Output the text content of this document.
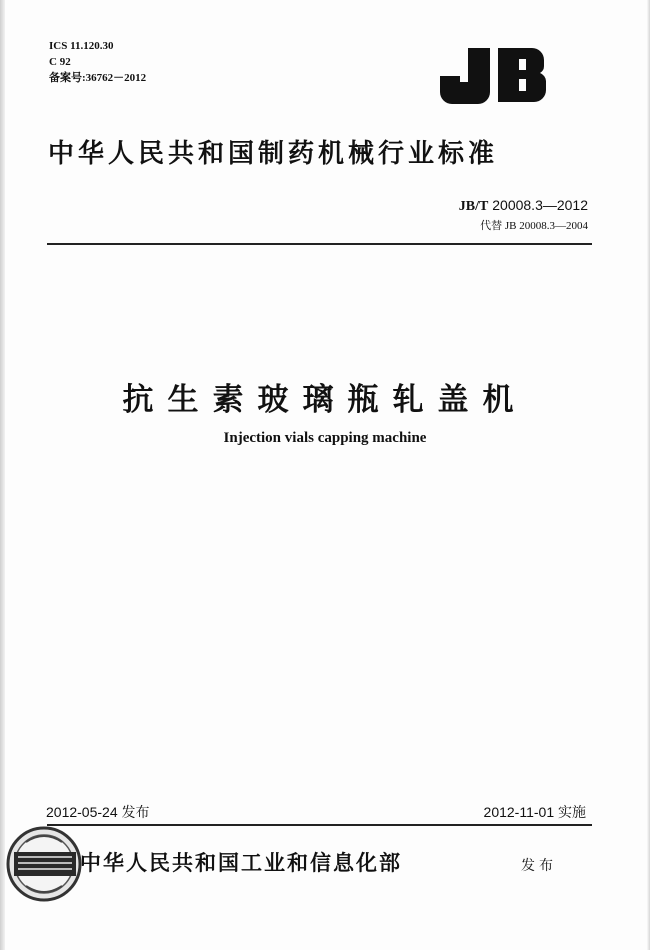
ICS 11.120.30
C 92
备案号:36762－2012
中华人民共和国制药机械行业标准
JB/T 20008.3—2012
代替 JB 20008.3—2004
抗生素玻璃瓶轧盖机
Injection vials capping machine
2012-05-24 发布	2012-11-01 实施
中华人民共和国工业和信息化部	发布
